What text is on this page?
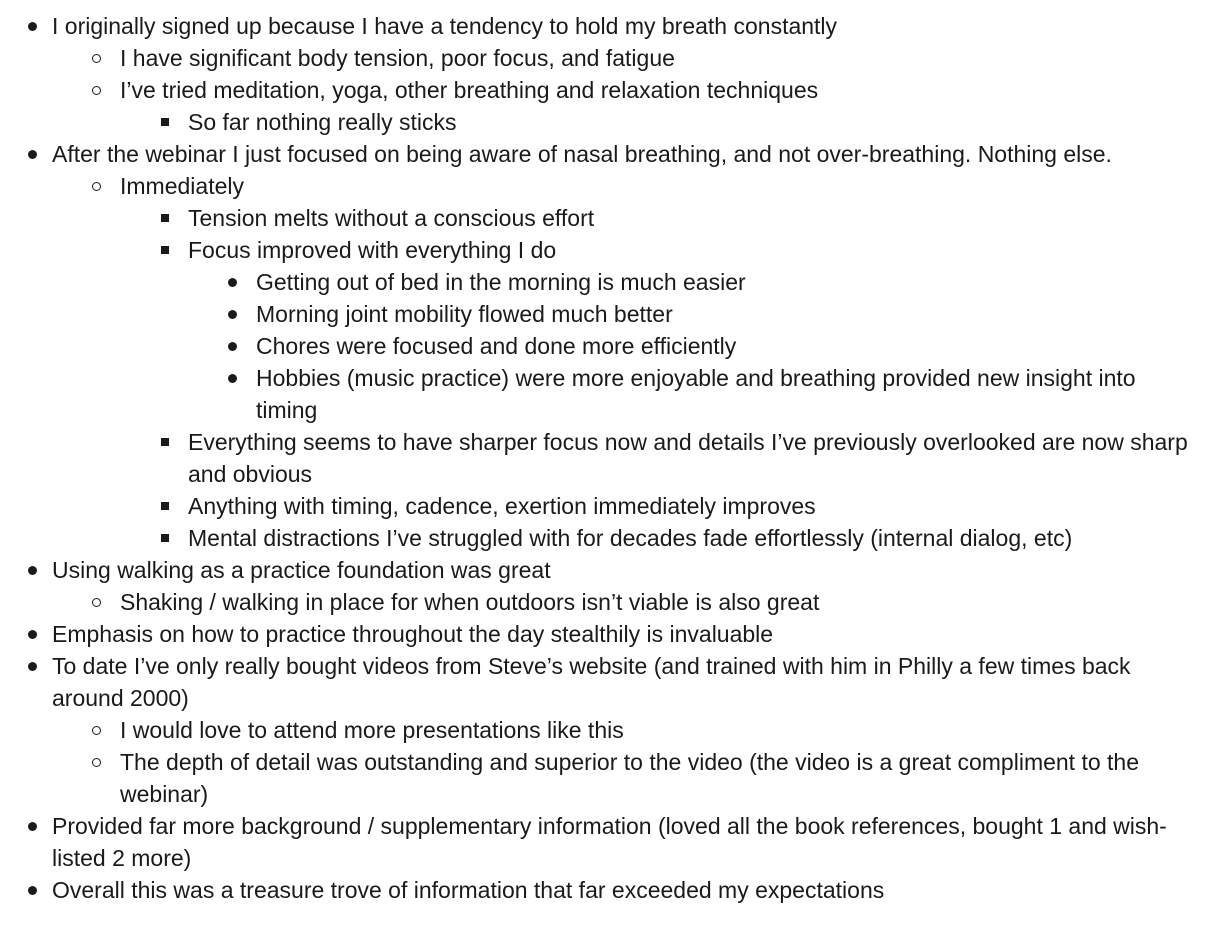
I originally signed up because I have a tendency to hold my breath constantly
I have significant body tension, poor focus, and fatigue
I’ve tried meditation, yoga, other breathing and relaxation techniques
So far nothing really sticks
After the webinar I just focused on being aware of nasal breathing, and not over-breathing. Nothing else.
Immediately
Tension melts without a conscious effort
Focus improved with everything I do
Getting out of bed in the morning is much easier
Morning joint mobility flowed much better
Chores were focused and done more efficiently
Hobbies (music practice) were more enjoyable and breathing provided new insight into timing
Everything seems to have sharper focus now and details I’ve previously overlooked are now sharp and obvious
Anything with timing, cadence, exertion immediately improves
Mental distractions I’ve struggled with for decades fade effortlessly (internal dialog, etc)
Using walking as a practice foundation was great
Shaking / walking in place for when outdoors isn’t viable is also great
Emphasis on how to practice throughout the day stealthily is invaluable
To date I’ve only really bought videos from Steve’s website (and trained with him in Philly a few times back around 2000)
I would love to attend more presentations like this
The depth of detail was outstanding and superior to the video (the video is a great compliment to the webinar)
Provided far more background / supplementary information (loved all the book references, bought 1 and wish-listed 2 more)
Overall this was a treasure trove of information that far exceeded my expectations
